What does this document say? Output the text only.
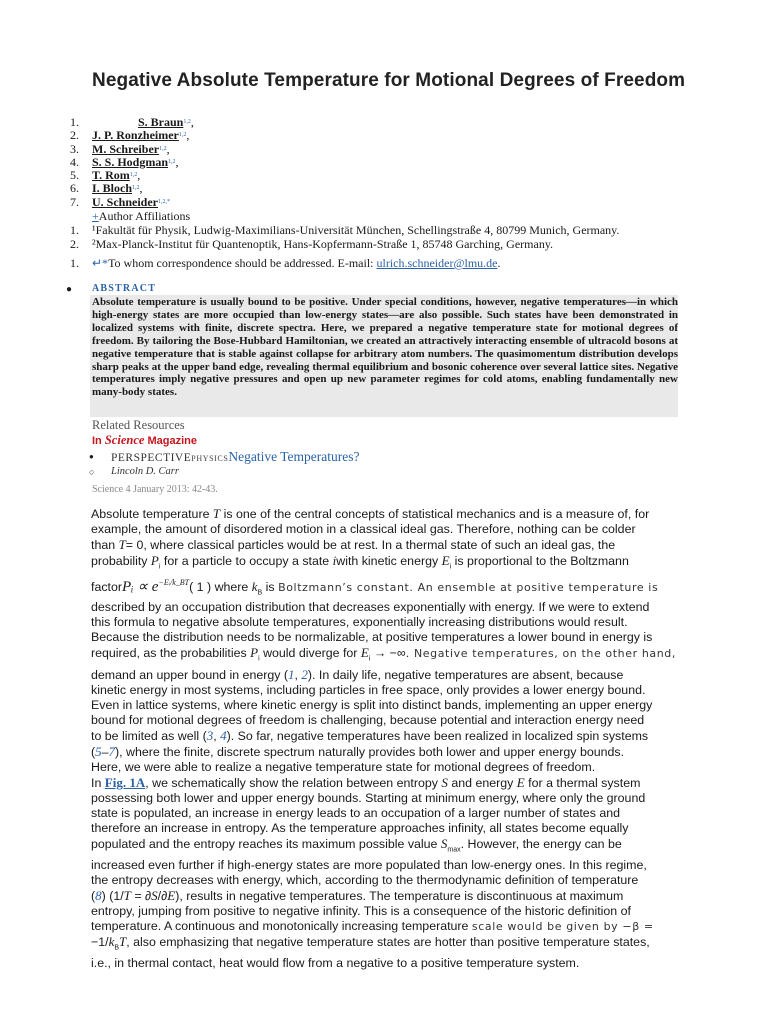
Negative Absolute Temperature for Motional Degrees of Freedom
1.	S. Braun 1,2 ,
2.	J. P. Ronzheimer 1,2 ,
3.	M. Schreiber 1,2 ,
4.	S. S. Hodgman 1,2 ,
5.	T. Rom 1,2 ,
6.	I. Bloch 1,2 ,
7.	U. Schneider 1,2,*
+Author Affiliations
1.	¹Fakultät für Physik, Ludwig-Maximilians-Universität München, Schellingstraße 4, 80799 Munich, Germany.
2.	²Max-Planck-Institut für Quantenoptik, Hans-Kopfermann-Straße 1, 85748 Garching, Germany.
1. ↵*To whom correspondence should be addressed. E-mail: ulrich.schneider@lmu.de.
● ABSTRACT
Absolute temperature is usually bound to be positive. Under special conditions, however, negative temperatures—in which high-energy states are more occupied than low-energy states—are also possible. Such states have been demonstrated in localized systems with finite, discrete spectra. Here, we prepared a negative temperature state for motional degrees of freedom. By tailoring the Bose-Hubbard Hamiltonian, we created an attractively interacting ensemble of ultracold bosons at negative temperature that is stable against collapse for arbitrary atom numbers. The quasimomentum distribution develops sharp peaks at the upper band edge, revealing thermal equilibrium and bosonic coherence over several lattice sites. Negative temperatures imply negative pressures and open up new parameter regimes for cold atoms, enabling fundamentally new many-body states.
Related Resources
In Science Magazine
● PERSPECTIVEPHYSICSNegative Temperatures?
○ Lincoln D. Carr
Science 4 January 2013: 42-43.

Absolute temperature T is one of the central concepts of statistical mechanics and is a measure of, for
example, the amount of disordered motion in a classical ideal gas. Therefore, nothing can be colder
than T= 0, where classical particles would be at rest. In a thermal state of such an ideal gas, the
probability $P_i$ for a particle to occupy a state iwith kinetic energy $E_i$ is proportional to the Boltzmann
factorPᵢ ∝ $e^{-Eᵢ/k\_BT}$( 1 ) where $k_B$ is Boltzmann’s constant. An ensemble at positive temperature is
described by an occupation distribution that decreases exponentially with energy. If we were to extend
this formula to negative absolute temperatures, exponentially increasing distributions would result.
Because the distribution needs to be normalizable, at positive temperatures a lower bound in energy is
required, as the probabilities $P_i$ would diverge for $E_i$ → −∞. Negative temperatures, on the other hand,
demand an upper bound in energy (1, 2). In daily life, negative temperatures are absent, because
kinetic energy in most systems, including particles in free space, only provides a lower energy bound.
Even in lattice systems, where kinetic energy is split into distinct bands, implementing an upper energy
bound for motional degrees of freedom is challenging, because potential and interaction energy need
to be limited as well (3, 4). So far, negative temperatures have been realized in localized spin systems
(5–7), where the finite, discrete spectrum naturally provides both lower and upper energy bounds.
Here, we were able to realize a negative temperature state for motional degrees of freedom.

In Fig. 1A, we schematically show the relation between entropy S and energy E for a thermal system
possessing both lower and upper energy bounds. Starting at minimum energy, where only the ground
state is populated, an increase in energy leads to an occupation of a larger number of states and
therefore an increase in entropy. As the temperature approaches infinity, all states become equally
populated and the entropy reaches its maximum possible value $S_{max}$. However, the energy can be
increased even further if high-energy states are more populated than low-energy ones. In this regime,
the entropy decreases with energy, which, according to the thermodynamic definition of temperature
(8) (1/T = ∂S/∂E), results in negative temperatures. The temperature is discontinuous at maximum
entropy, jumping from positive to negative infinity. This is a consequence of the historic definition of
temperature. A continuous and monotonically increasing temperature scale would be given by −β =
$-1/k_BT$, also emphasizing that negative temperature states are hotter than positive temperature states,
i.e., in thermal contact, heat would flow from a negative to a positive temperature system.
